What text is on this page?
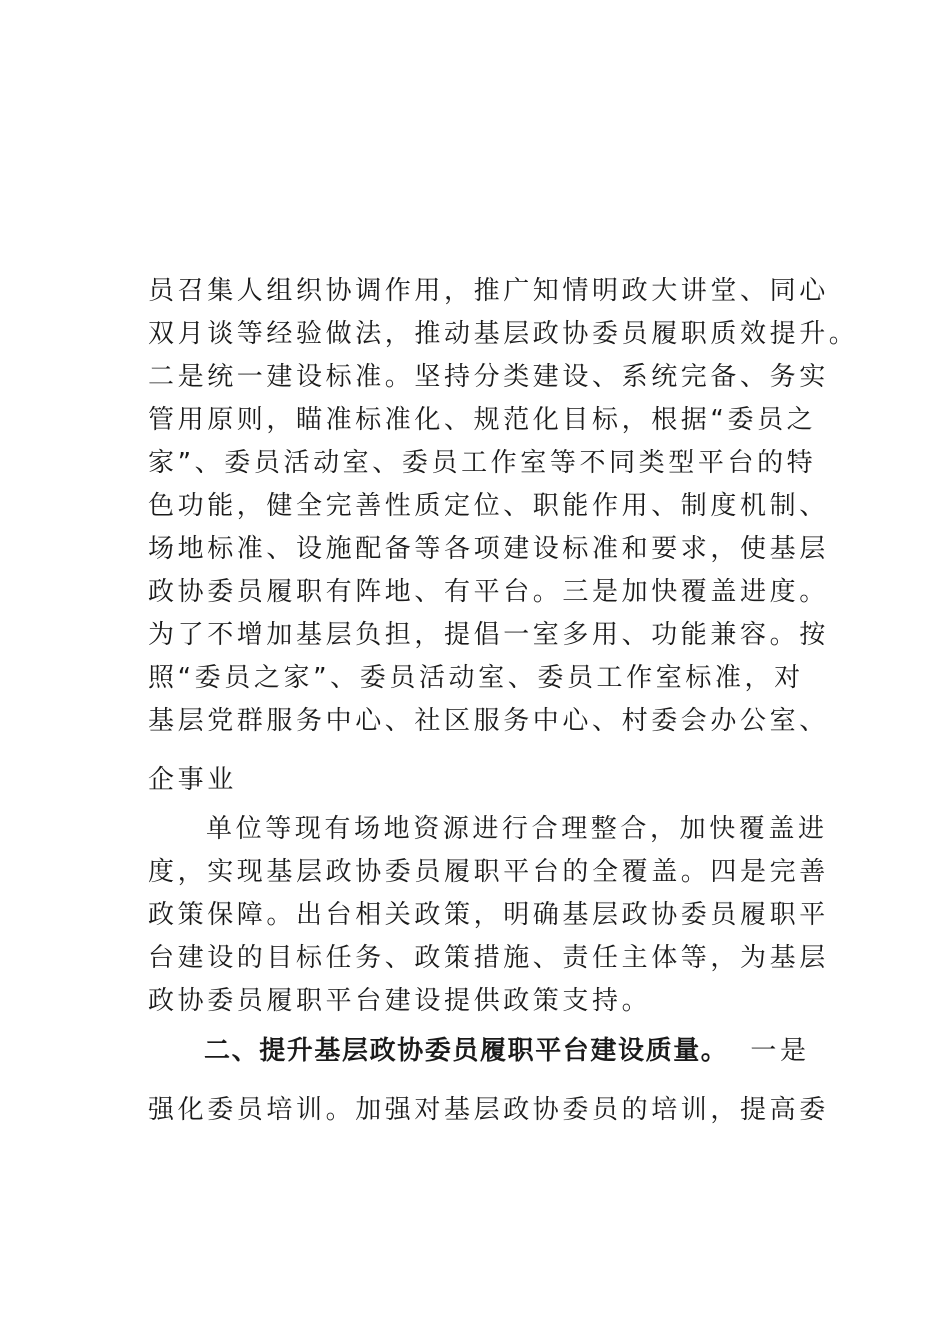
员召集人组织协调作用，推广知情明政大讲堂、同心
双月谈等经验做法，推动基层政协委员履职质效提升。
二是统一建设标准。坚持分类建设、系统完备、务实
管用原则，瞄准标准化、规范化目标，根据“委员之
家”、委员活动室、委员工作室等不同类型平台的特
色功能，健全完善性质定位、职能作用、制度机制、
场地标准、设施配备等各项建设标准和要求，使基层
政协委员履职有阵地、有平台。三是加快覆盖进度。
为了不增加基层负担，提倡一室多用、功能兼容。按
照“委员之家”、委员活动室、委员工作室标准，对
基层党群服务中心、社区服务中心、村委会办公室、
企事业
单位等现有场地资源进行合理整合，加快覆盖进
度，实现基层政协委员履职平台的全覆盖。四是完善
政策保障。出台相关政策，明确基层政协委员履职平
台建设的目标任务、政策措施、责任主体等，为基层
政协委员履职平台建设提供政策支持。
二、提升基层政协委员履职平台建设质量。 一是
强化委员培训。加强对基层政协委员的培训，提高委
